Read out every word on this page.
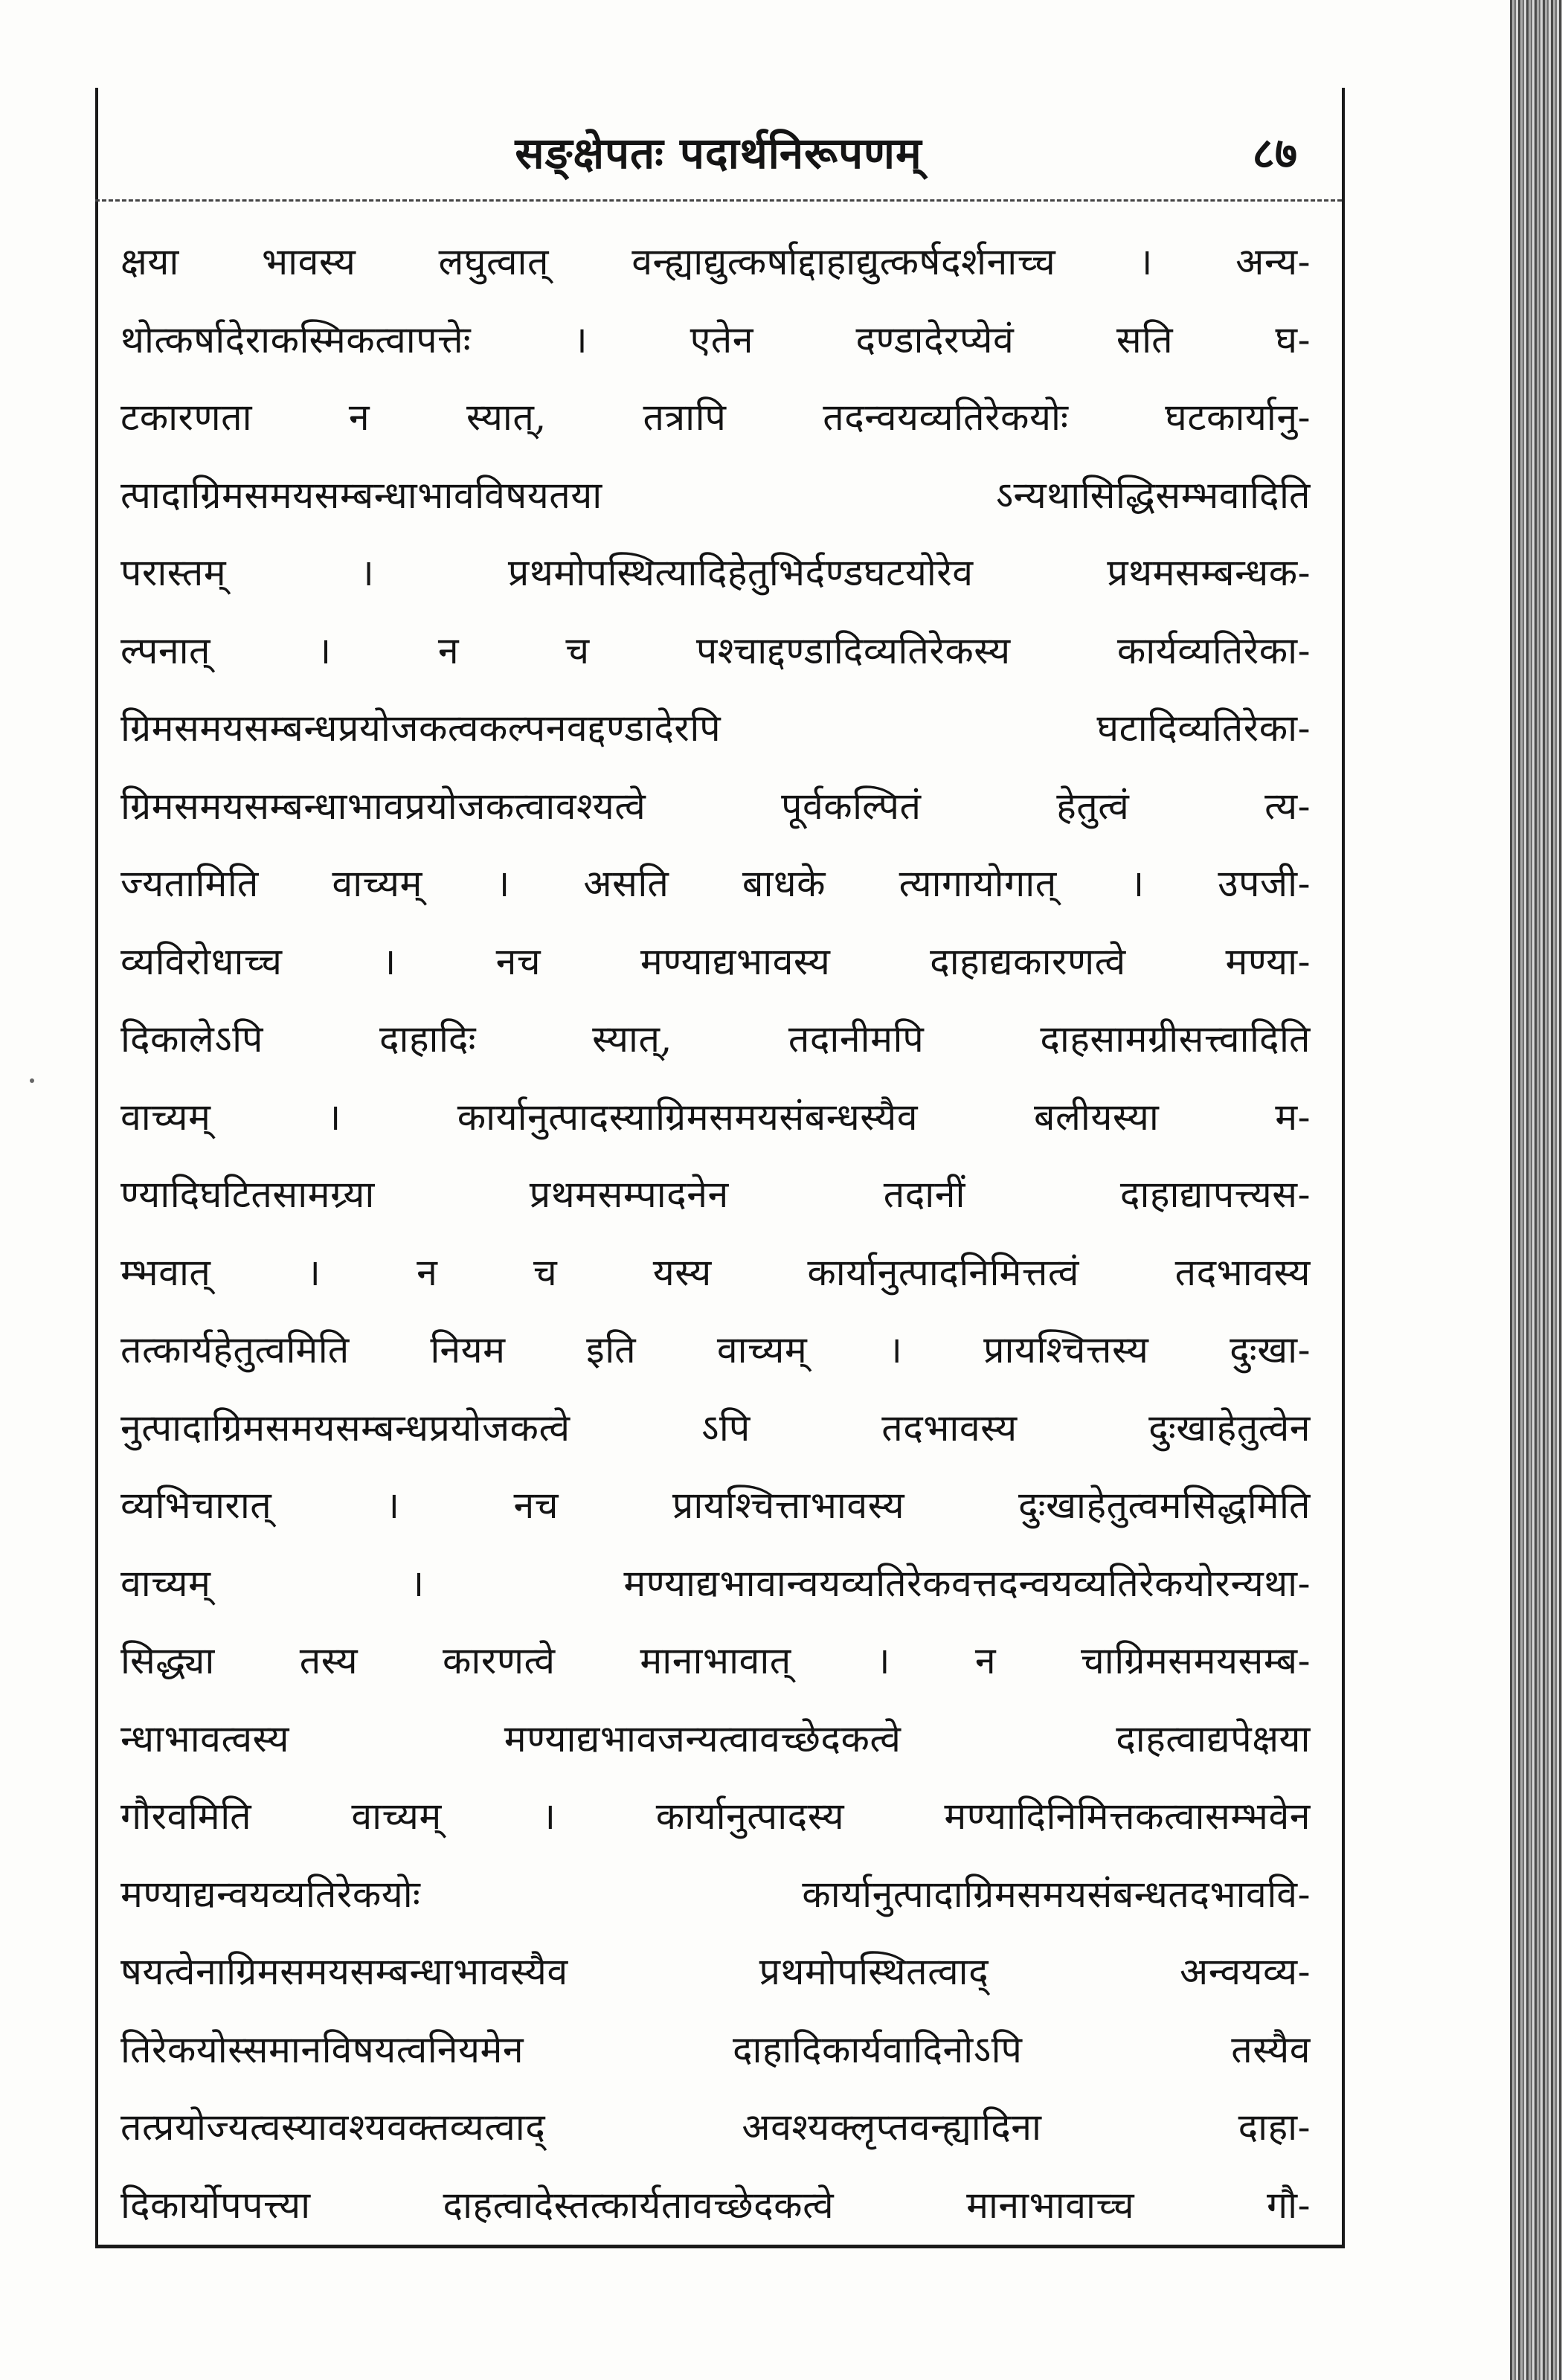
सङ्क्षेपतः पदार्थनिरूपणम्	८७
क्षया भावस्य लघुत्वात् वन्ह्याद्युत्कर्षाद्दाहाद्युत्कर्षदर्शनाच्च । अन्य-
थोत्कर्षादेराकस्मिकत्वापत्तेः । एतेन दण्डादेरप्येवं सति घ-
टकारणता न स्यात्, तत्रापि तदन्वयव्यतिरेकयोः घटकार्यानु-
त्पादाग्रिमसमयसम्बन्धाभावविषयतया ऽन्यथासिद्धिसम्भवादिति
परास्तम् । प्रथमोपस्थित्यादिहेतुभिर्दण्डघटयोरेव प्रथमसम्बन्धक-
ल्पनात् । न च पश्चाद्दण्डादिव्यतिरेकस्य कार्यव्यतिरेका-
ग्रिमसमयसम्बन्धप्रयोजकत्वकल्पनवद्दण्डादेरपि घटादिव्यतिरेका-
ग्रिमसमयसम्बन्धाभावप्रयोजकत्वावश्यत्वे पूर्वकल्पितं हेतुत्वं त्य-
ज्यतामिति वाच्यम् । असति बाधके त्यागायोगात् । उपजी-
व्यविरोधाच्च । नच मण्याद्यभावस्य दाहाद्यकारणत्वे मण्या-
दिकालेऽपि दाहादिः स्यात्, तदानीमपि दाहसामग्रीसत्त्वादिति
वाच्यम् । कार्यानुत्पादस्याग्रिमसमयसंबन्धस्यैव बलीयस्या म-
ण्यादिघटितसामग्र्या प्रथमसम्पादनेन तदानीं दाहाद्यापत्त्यस-
म्भवात् । न च यस्य कार्यानुत्पादनिमित्तत्वं तदभावस्य
तत्कार्यहेतुत्वमिति नियम इति वाच्यम् । प्रायश्चित्तस्य दुःखा-
नुत्पादाग्रिमसमयसम्बन्धप्रयोजकत्वे ऽपि तदभावस्य दुःखाहेतुत्वेन
व्यभिचारात् । नच प्रायश्चित्ताभावस्य दुःखाहेतुत्वमसिद्धमिति
वाच्यम् । मण्याद्यभावान्वयव्यतिरेकवत्तदन्वयव्यतिरेकयोरन्यथा-
सिद्ध्या तस्य कारणत्वे मानाभावात् । न चाग्रिमसमयसम्ब-
न्धाभावत्वस्य मण्याद्यभावजन्यत्वावच्छेदकत्वे दाहत्वाद्यपेक्षया
गौरवमिति वाच्यम् । कार्यानुत्पादस्य मण्यादिनिमित्तकत्वासम्भवेन
मण्याद्यन्वयव्यतिरेकयोः कार्यानुत्पादाग्रिमसमयसंबन्धतदभाववि-
षयत्वेनाग्रिमसमयसम्बन्धाभावस्यैव प्रथमोपस्थितत्वाद् अन्वयव्य-
तिरेकयोस्समानविषयत्वनियमेन दाहादिकार्यवादिनोऽपि तस्यैव
तत्प्रयोज्यत्वस्यावश्यवक्तव्यत्वाद् अवश्यक्लृप्तवन्ह्यादिना दाहा-
दिकार्योपपत्त्या दाहत्वादेस्तत्कार्यतावच्छेदकत्वे मानाभावाच्च गौ-
